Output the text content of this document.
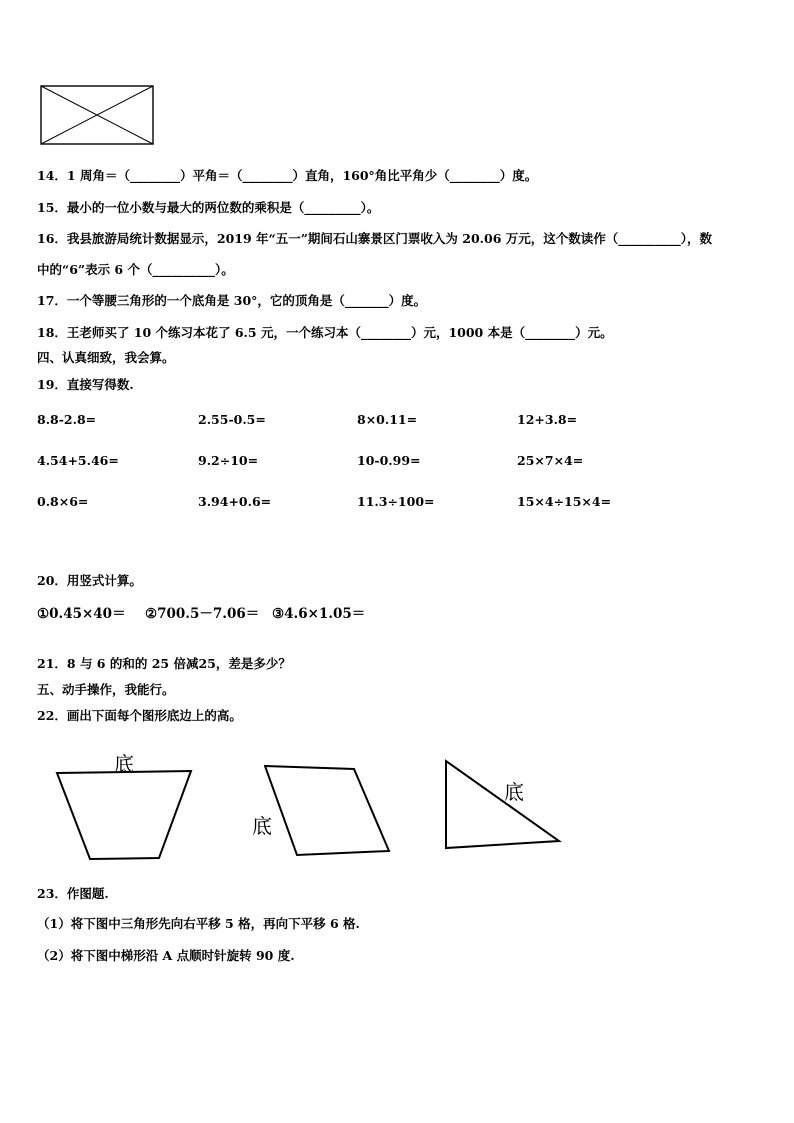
14．1 周角＝（________）平角＝（________）直角，160°角比平角少（________）度。
15．最小的一位小数与最大的两位数的乘积是（_________）。
16．我县旅游局统计数据显示，2019 年“五一”期间石山寨景区门票收入为 20.06 万元，这个数读作（__________），数
中的“6”表示 6 个（__________）。
17．一个等腰三角形的一个底角是 30°，它的顶角是（_______）度。
18．王老师买了 10 个练习本花了 6.5 元，一个练习本（________）元，1000 本是（________）元。
四、认真细致，我会算。
19．直接写得数.
8.8-2.8=	2.55-0.5=	8×0.11=	12+3.8=
4.54+5.46=	9.2÷10=	10-0.99=	25×7×4=
0.8×6=	3.94+0.6=	11.3÷100=	15×4÷15×4=
20．用竖式计算。
①0.45×40＝ ②700.5－7.06＝ ③4.6×1.05＝
21．8 与 6 的和的 25 倍减25，差是多少？
五、动手操作，我能行。
22．画出下面每个图形底边上的高。
底
底
底
23．作图题.
（1）将下图中三角形先向右平移 5 格，再向下平移 6 格.
（2）将下图中梯形沿 A 点顺时针旋转 90 度.
